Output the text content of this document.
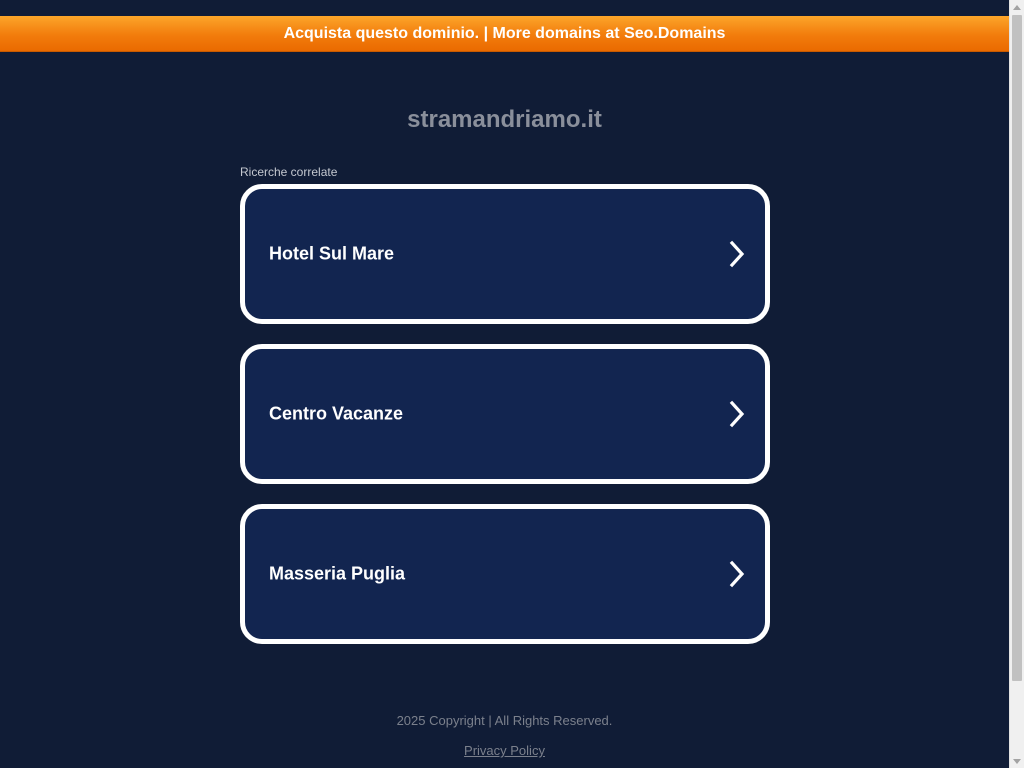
Acquista questo dominio. | More domains at Seo.Domains
stramandriamo.it
Ricerche correlate
Hotel Sul Mare
Centro Vacanze
Masseria Puglia
2025 Copyright | All Rights Reserved.
Privacy Policy
